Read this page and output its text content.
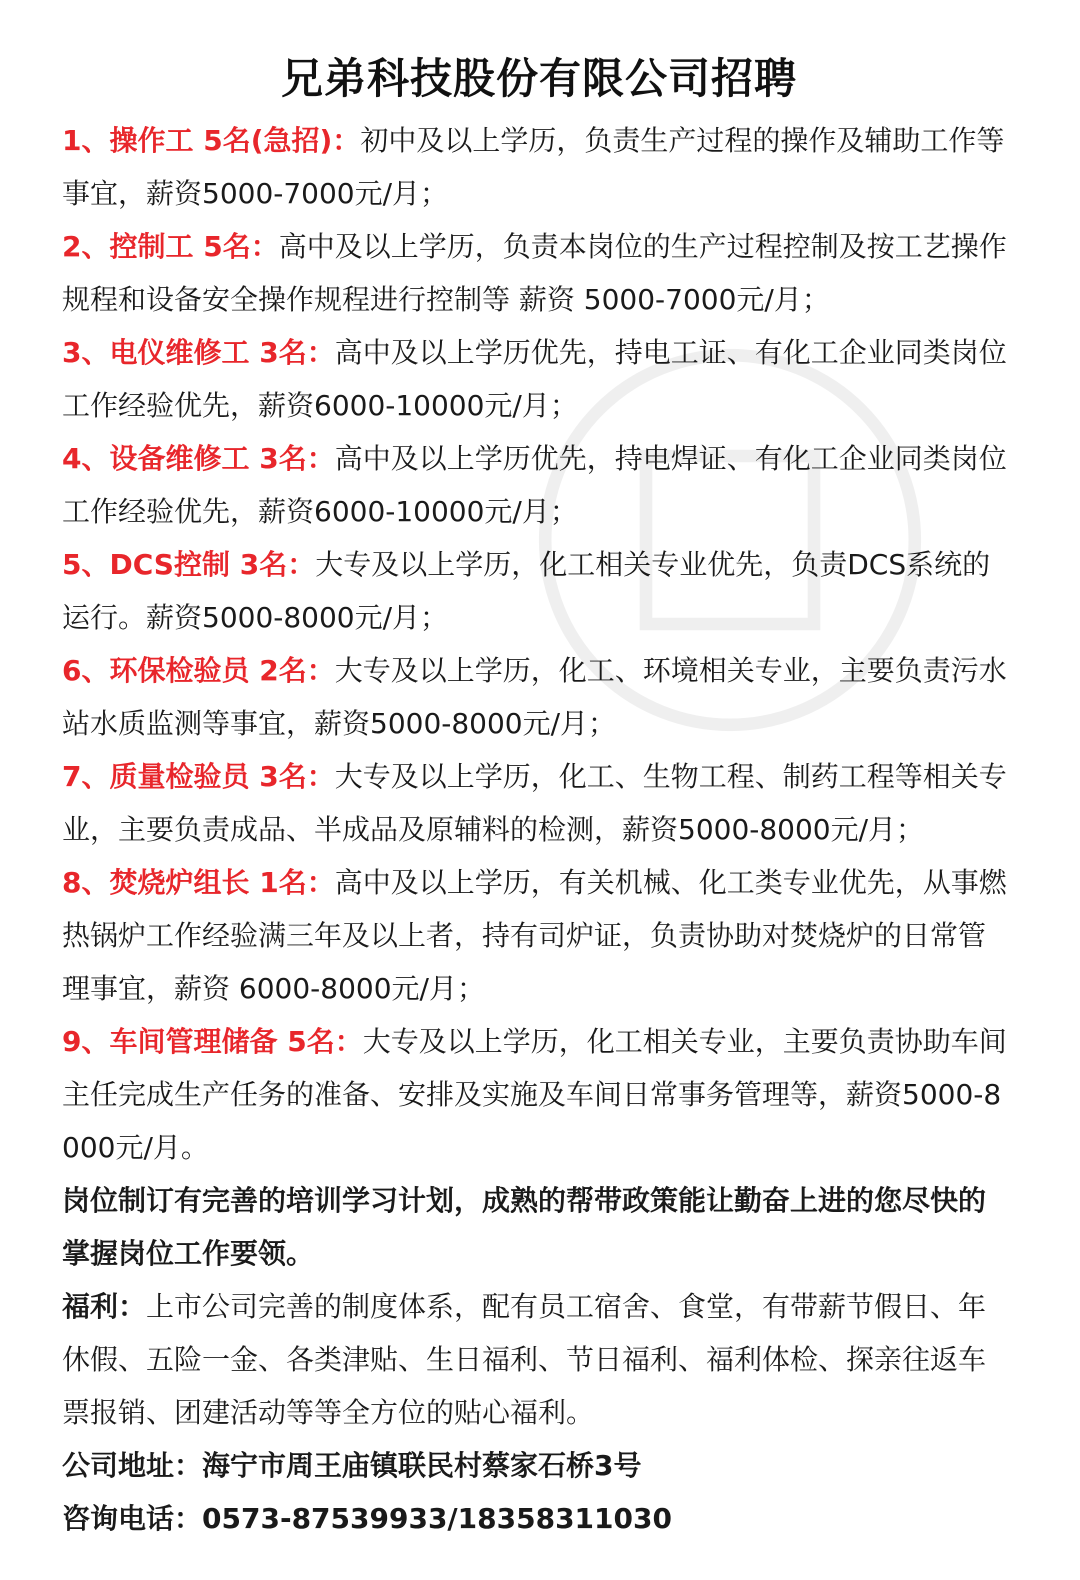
兄弟科技股份有限公司招聘

1、操作工 5名(急招)：初中及以上学历，负责生产过程的操作及辅助工作等事宜，薪资5000-7000元/月；

2、控制工 5名：高中及以上学历，负责本岗位的生产过程控制及按工艺操作规程和设备安全操作规程进行控制等 薪资 5000-7000元/月；

3、电仪维修工 3名：高中及以上学历优先，持电工证、有化工企业同类岗位工作经验优先，薪资6000-10000元/月；

4、设备维修工 3名：高中及以上学历优先，持电焊证、有化工企业同类岗位工作经验优先，薪资6000-10000元/月；

5、DCS控制 3名：大专及以上学历，化工相关专业优先，负责DCS系统的运行。薪资5000-8000元/月；

6、环保检验员 2名：大专及以上学历，化工、环境相关专业，主要负责污水站水质监测等事宜，薪资5000-8000元/月；

7、质量检验员 3名：大专及以上学历，化工、生物工程、制药工程等相关专业，主要负责成品、半成品及原辅料的检测，薪资5000-8000元/月；

8、焚烧炉组长 1名：高中及以上学历，有关机械、化工类专业优先，从事燃热锅炉工作经验满三年及以上者，持有司炉证，负责协助对焚烧炉的日常管理事宜，薪资 6000-8000元/月；

9、车间管理储备 5名：大专及以上学历，化工相关专业，主要负责协助车间主任完成生产任务的准备、安排及实施及车间日常事务管理等，薪资5000-8000元/月。

岗位制订有完善的培训学习计划，成熟的帮带政策能让勤奋上进的您尽快的掌握岗位工作要领。

福利：上市公司完善的制度体系，配有员工宿舍、食堂，有带薪节假日、年休假、五险一金、各类津贴、生日福利、节日福利、福利体检、探亲往返车票报销、团建活动等等全方位的贴心福利。

公司地址：海宁市周王庙镇联民村蔡家石桥3号

咨询电话：0573-87539933/18358311030
